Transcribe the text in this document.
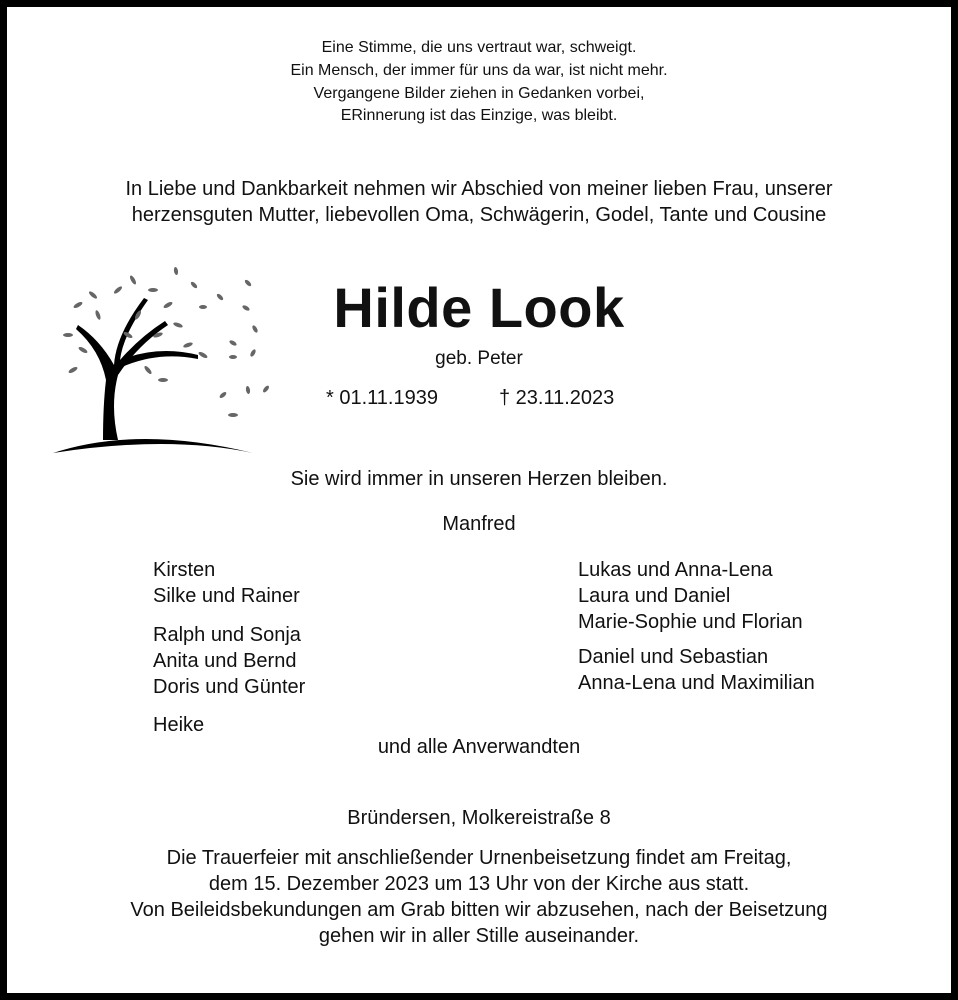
Eine Stimme, die uns vertraut war, schweigt.
Ein Mensch, der immer für uns da war, ist nicht mehr.
Vergangene Bilder ziehen in Gedanken vorbei,
ERinnerung ist das Einzige, was bleibt.
In Liebe und Dankbarkeit nehmen wir Abschied von meiner lieben Frau, unserer
herzensguten Mutter, liebevollen Oma, Schwägerin, Godel, Tante und Cousine
Hilde Look
geb. Peter
* 01.11.1939	† 23.11.2023
Sie wird immer in unseren Herzen bleiben.
Manfred
Kirsten
Silke und Rainer
Ralph und Sonja
Anita und Bernd
Doris und Günter
Heike
Lukas und Anna-Lena
Laura und Daniel
Marie-Sophie und Florian
Daniel und Sebastian
Anna-Lena und Maximilian
und alle Anverwandten
Bründersen, Molkereistraße 8
Die Trauerfeier mit anschließender Urnenbeisetzung findet am Freitag,
dem 15. Dezember 2023 um 13 Uhr von der Kirche aus statt.
Von Beileidsbekundungen am Grab bitten wir abzusehen, nach der Beisetzung
gehen wir in aller Stille auseinander.
